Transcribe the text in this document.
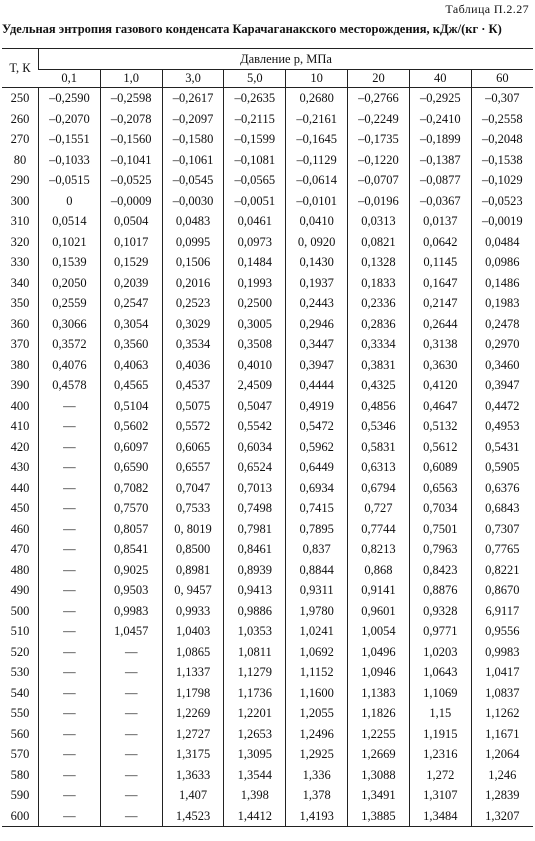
Таблица П.2.27
Удельная энтропия газового конденсата Карачаганакского месторождения, кДж/(кг · К)
T, К	Давление p, МПа							
	0,1	1,0	3,0	5,0	10	20	40	60
250	–0,2590	–0,2598	–0,2617	–0,2635	0,2680	–0,2766	–0,2925	–0,307
260	–0,2070	–0,2078	–0,2097	–0,2115	–0,2161	–0,2249	–0,2410	–0,2558
270	–0,1551	–0,1560	–0,1580	–0,1599	–0,1645	–0,1735	–0,1899	–0,2048
80	–0,1033	–0,1041	–0,1061	–0,1081	–0,1129	–0,1220	–0,1387	–0,1538
290	–0,0515	–0,0525	–0,0545	–0,0565	–0,0614	–0,0707	–0,0877	–0,1029
300	0	–0,0009	–0,0030	–0,0051	–0,0101	–0,0196	–0,0367	–0,0523
310	0,0514	0,0504	0,0483	0,0461	0,0410	0,0313	0,0137	–0,0019
320	0,1021	0,1017	0,0995	0,0973	0, 0920	0,0821	0,0642	0,0484
330	0,1539	0,1529	0,1506	0,1484	0,1430	0,1328	0,1145	0,0986
340	0,2050	0,2039	0,2016	0,1993	0,1937	0,1833	0,1647	0,1486
350	0,2559	0,2547	0,2523	0,2500	0,2443	0,2336	0,2147	0,1983
360	0,3066	0,3054	0,3029	0,3005	0,2946	0,2836	0,2644	0,2478
370	0,3572	0,3560	0,3534	0,3508	0,3447	0,3334	0,3138	0,2970
380	0,4076	0,4063	0,4036	0,4010	0,3947	0,3831	0,3630	0,3460
390	0,4578	0,4565	0,4537	2,4509	0,4444	0,4325	0,4120	0,3947
400	—	0,5104	0,5075	0,5047	0,4919	0,4856	0,4647	0,4472
410	—	0,5602	0,5572	0,5542	0,5472	0,5346	0,5132	0,4953
420	—	0,6097	0,6065	0,6034	0,5962	0,5831	0,5612	0,5431
430	—	0,6590	0,6557	0,6524	0,6449	0,6313	0,6089	0,5905
440	—	0,7082	0,7047	0,7013	0,6934	0,6794	0,6563	0,6376
450	—	0,7570	0,7533	0,7498	0,7415	0,727	0,7034	0,6843
460	—	0,8057	0, 8019	0,7981	0,7895	0,7744	0,7501	0,7307
470	—	0,8541	0,8500	0,8461	0,837	0,8213	0,7963	0,7765
480	—	0,9025	0,8981	0,8939	0,8844	0,868	0,8423	0,8221
490	—	0,9503	0, 9457	0,9413	0,9311	0,9141	0,8876	0,8670
500	—	0,9983	0,9933	0,9886	1,9780	0,9601	0,9328	6,9117
510	—	1,0457	1,0403	1,0353	1,0241	1,0054	0,9771	0,9556
520	—	—	1,0865	1,0811	1,0692	1,0496	1,0203	0,9983
530	—	—	1,1337	1,1279	1,1152	1,0946	1,0643	1,0417
540	—	—	1,1798	1,1736	1,1600	1,1383	1,1069	1,0837
550	—	—	1,2269	1,2201	1,2055	1,1826	1,15	1,1262
560	—	—	1,2727	1,2653	1,2496	1,2255	1,1915	1,1671
570	—	—	1,3175	1,3095	1,2925	1,2669	1,2316	1,2064
580	—	—	1,3633	1,3544	1,336	1,3088	1,272	1,246
590	—	—	1,407	1,398	1,378	1,3491	1,3107	1,2839
600	—	—	1,4523	1,4412	1,4193	1,3885	1,3484	1,3207
